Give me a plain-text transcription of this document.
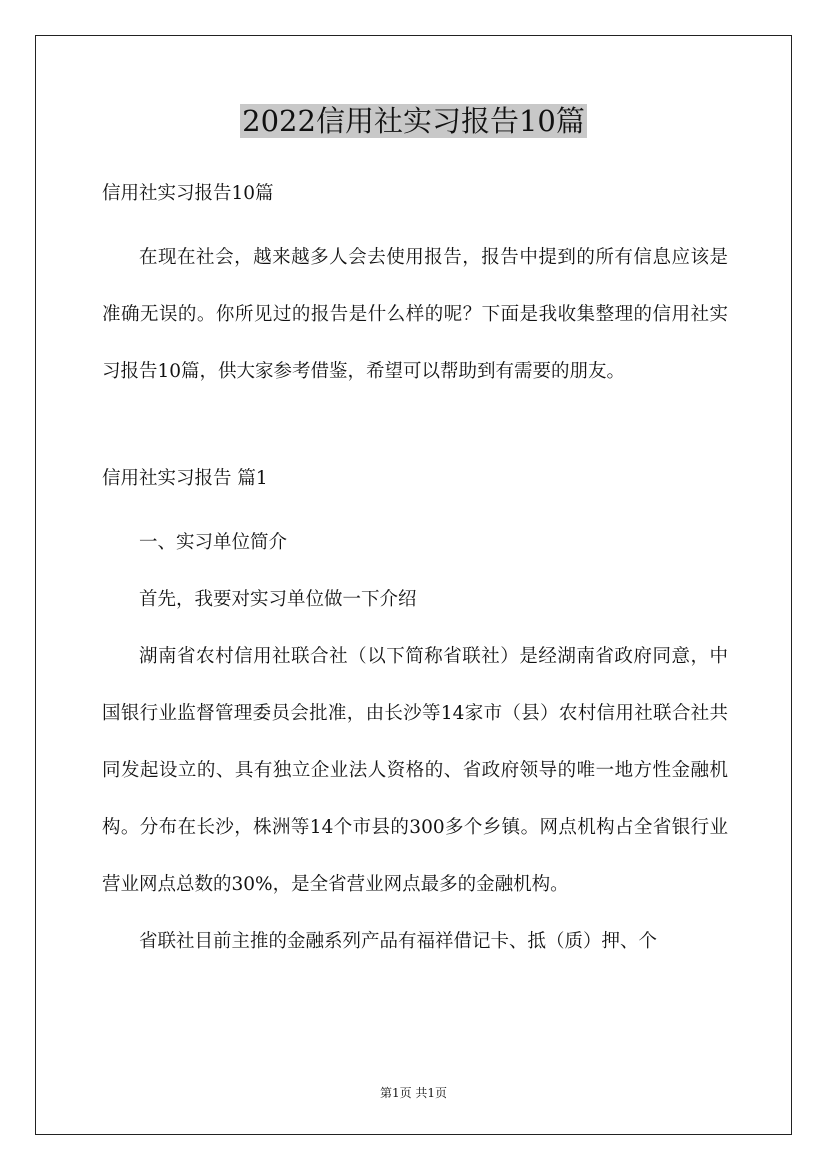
2022信用社实习报告10篇
信用社实习报告10篇

在现在社会，越来越多人会去使用报告，报告中提到的所有信息应该是准确无误的。你所见过的报告是什么样的呢？下面是我收集整理的信用社实习报告10篇，供大家参考借鉴，希望可以帮助到有需要的朋友。

信用社实习报告 篇1

一、实习单位简介

首先，我要对实习单位做一下介绍

湖南省农村信用社联合社（以下简称省联社）是经湖南省政府同意，中国银行业监督管理委员会批准，由长沙等14家市（县）农村信用社联合社共同发起设立的、具有独立企业法人资格的、省政府领导的唯一地方性金融机构。分布在长沙，株洲等14个市县的300多个乡镇。网点机构占全省银行业营业网点总数的30%，是全省营业网点最多的金融机构。

省联社目前主推的金融系列产品有福祥借记卡、抵（质）押、个

第1页 共1页
